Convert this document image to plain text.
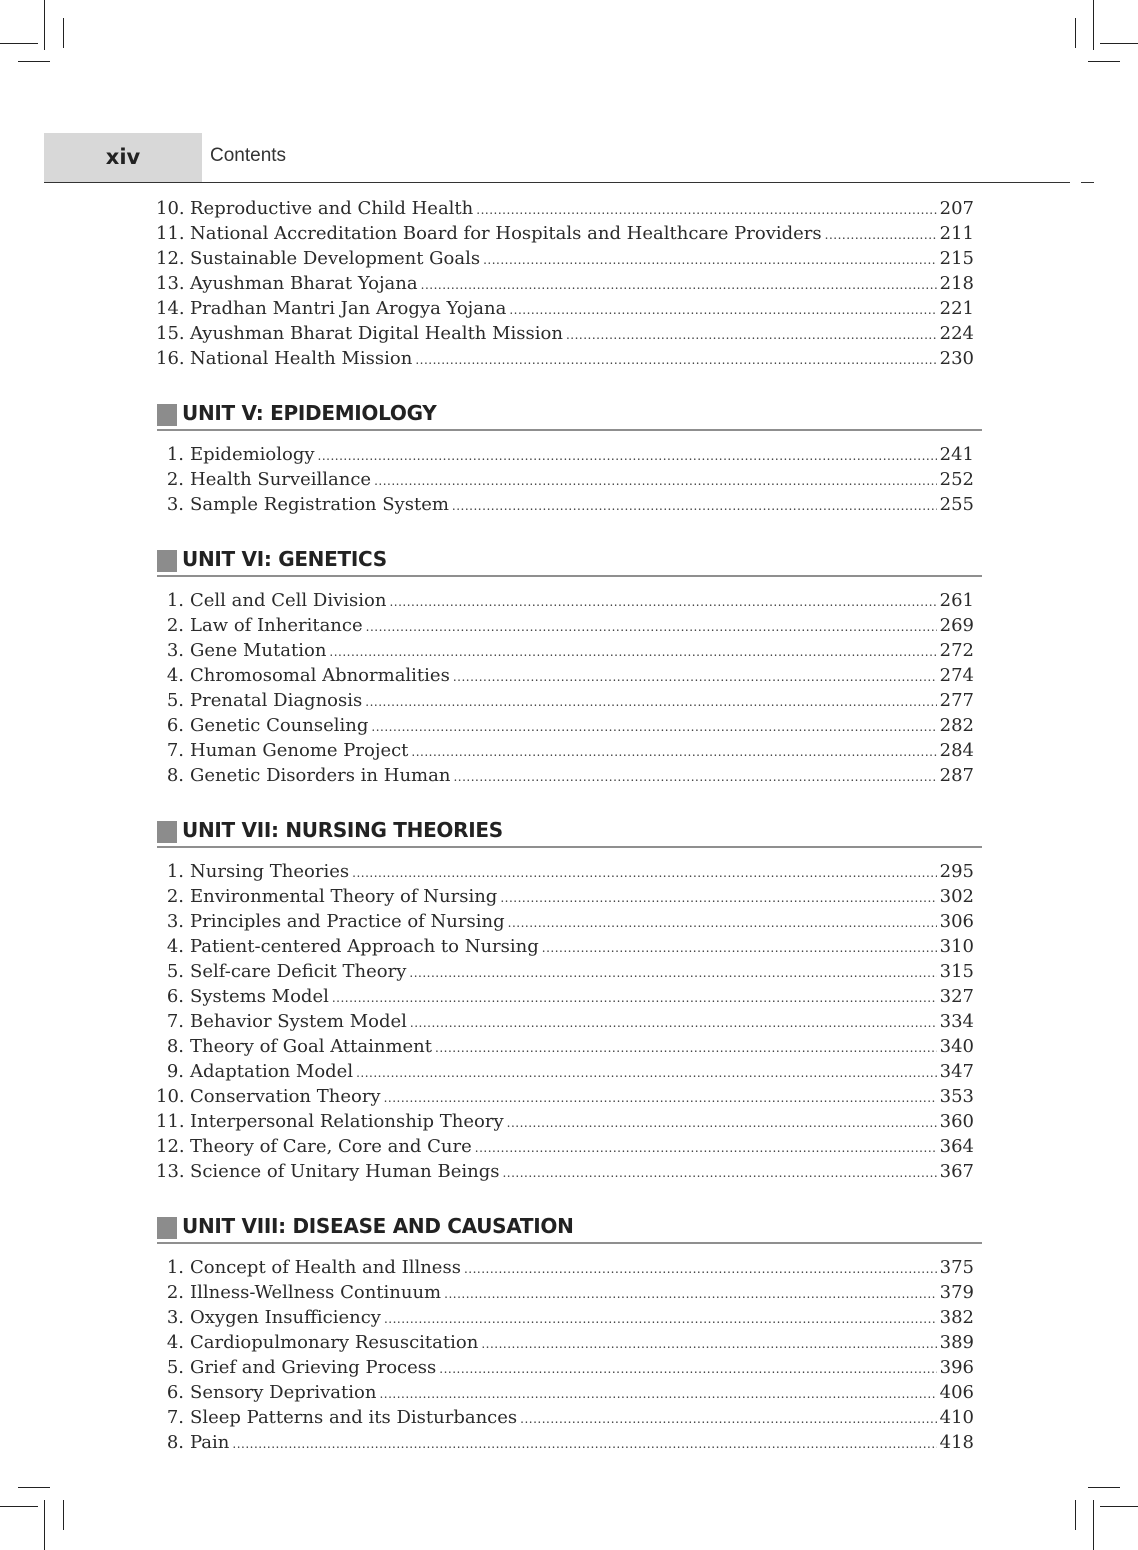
xiv	Contents
10. Reproductive and Child Health .....	207
11. National Accreditation Board for Hospitals and Healthcare Providers .....	211
12. Sustainable Development Goals .....	215
13. Ayushman Bharat Yojana .....	218
14. Pradhan Mantri Jan Arogya Yojana .....	221
15. Ayushman Bharat Digital Health Mission .....	224
16. National Health Mission .....	230
UNIT V: EPIDEMIOLOGY
1. Epidemiology .....	241
2. Health Surveillance .....	252
3. Sample Registration System .....	255
UNIT VI: GENETICS
1. Cell and Cell Division .....	261
2. Law of Inheritance .....	269
3. Gene Mutation .....	272
4. Chromosomal Abnormalities .....	274
5. Prenatal Diagnosis .....	277
6. Genetic Counseling .....	282
7. Human Genome Project .....	284
8. Genetic Disorders in Human .....	287
UNIT VII: NURSING THEORIES
1. Nursing Theories .....	295
2. Environmental Theory of Nursing .....	302
3. Principles and Practice of Nursing .....	306
4. Patient-centered Approach to Nursing .....	310
5. Self-care Deficit Theory .....	315
6. Systems Model .....	327
7. Behavior System Model .....	334
8. Theory of Goal Attainment .....	340
9. Adaptation Model .....	347
10. Conservation Theory .....	353
11. Interpersonal Relationship Theory .....	360
12. Theory of Care, Core and Cure .....	364
13. Science of Unitary Human Beings .....	367
UNIT VIII: DISEASE AND CAUSATION
1. Concept of Health and Illness .....	375
2. Illness-Wellness Continuum .....	379
3. Oxygen Insufficiency .....	382
4. Cardiopulmonary Resuscitation .....	389
5. Grief and Grieving Process .....	396
6. Sensory Deprivation .....	406
7. Sleep Patterns and its Disturbances .....	410
8. Pain .....	418
